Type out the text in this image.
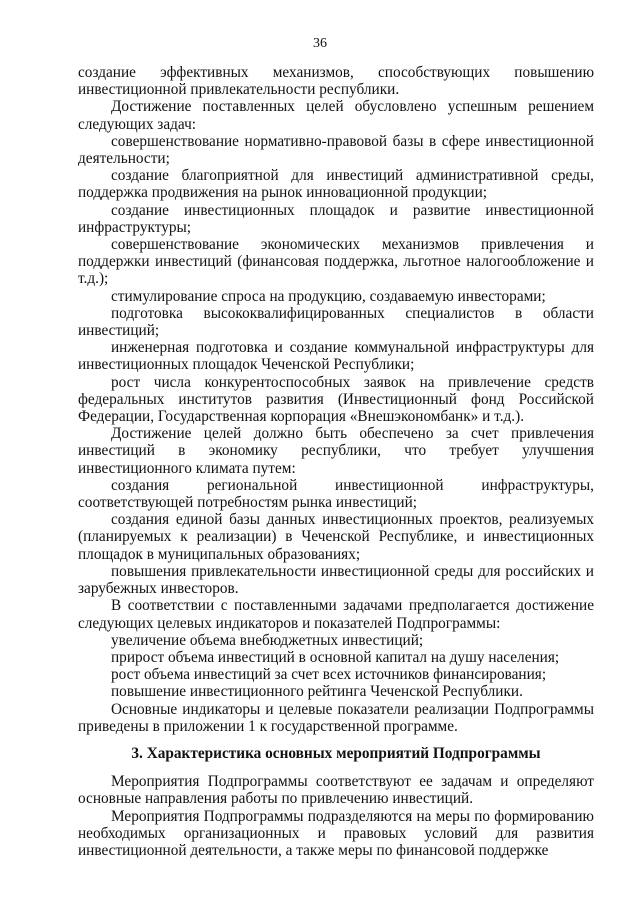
36

создание эффективных механизмов, способствующих повышению инвестиционной привлекательности республики.

Достижение поставленных целей обусловлено успешным решением следующих задач:

совершенствование нормативно-правовой базы в сфере инвестиционной деятельности;

создание благоприятной для инвестиций административной среды, поддержка продвижения на рынок инновационной продукции;

создание инвестиционных площадок и развитие инвестиционной инфраструктуры;

совершенствование экономических механизмов привлечения и поддержки инвестиций (финансовая поддержка, льготное налогообложение и т.д.);

стимулирование спроса на продукцию, создаваемую инвесторами;

подготовка высококвалифицированных специалистов в области инвестиций;

инженерная подготовка и создание коммунальной инфраструктуры для инвестиционных площадок Чеченской Республики;

рост числа конкурентоспособных заявок на привлечение средств федеральных институтов развития (Инвестиционный фонд Российской Федерации, Государственная корпорация «Внешэкономбанк» и т.д.).

Достижение целей должно быть обеспечено за счет привлечения инвестиций в экономику республики, что требует улучшения инвестиционного климата путем:

создания региональной инвестиционной инфраструктуры, соответствующей потребностям рынка инвестиций;

создания единой базы данных инвестиционных проектов, реализуемых (планируемых к реализации) в Чеченской Республике, и инвестиционных площадок в муниципальных образованиях;

повышения привлекательности инвестиционной среды для российских и зарубежных инвесторов.

В соответствии с поставленными задачами предполагается достижение следующих целевых индикаторов и показателей Подпрограммы:

увеличение объема внебюджетных инвестиций;

прирост объема инвестиций в основной капитал на душу населения;

рост объема инвестиций за счет всех источников финансирования;

повышение инвестиционного рейтинга Чеченской Республики.

Основные индикаторы и целевые показатели реализации Подпрограммы приведены в приложении 1 к государственной программе.

3. Характеристика основных мероприятий Подпрограммы

Мероприятия Подпрограммы соответствуют ее задачам и определяют основные направления работы по привлечению инвестиций.

Мероприятия Подпрограммы подразделяются на меры по формированию необходимых организационных и правовых условий для развития инвестиционной деятельности, а также меры по финансовой поддержке
